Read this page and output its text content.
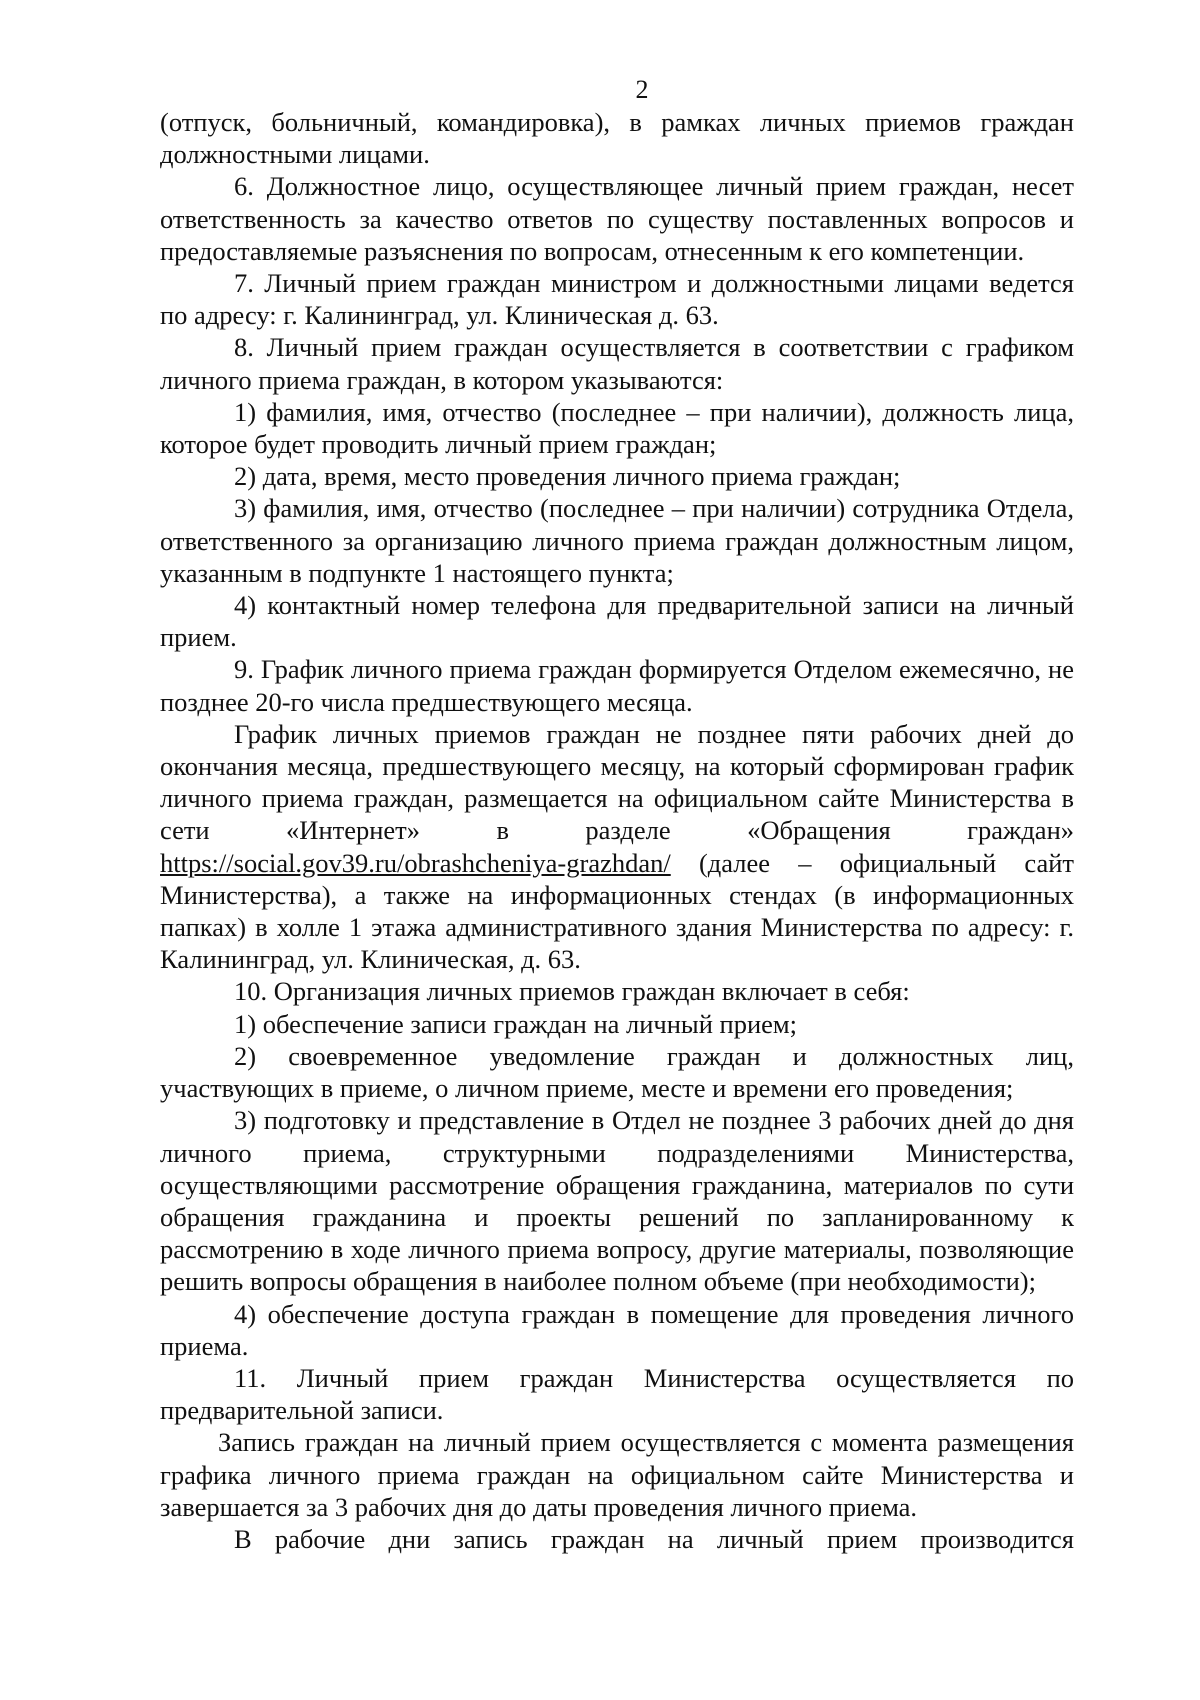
2

(отпуск, больничный, командировка), в рамках личных приемов граждан должностными лицами.

6. Должностное лицо, осуществляющее личный прием граждан, несет ответственность за качество ответов по существу поставленных вопросов и предоставляемые разъяснения по вопросам, отнесенным к его компетенции.

7. Личный прием граждан министром и должностными лицами ведется по адресу: г. Калининград, ул. Клиническая д. 63.

8. Личный прием граждан осуществляется в соответствии с графиком личного приема граждан, в котором указываются:

1) фамилия, имя, отчество (последнее – при наличии), должность лица, которое будет проводить личный прием граждан;

2) дата, время, место проведения личного приема граждан;

3) фамилия, имя, отчество (последнее – при наличии) сотрудника Отдела, ответственного за организацию личного приема граждан должностным лицом, указанным в подпункте 1 настоящего пункта;

4) контактный номер телефона для предварительной записи на личный прием.

9. График личного приема граждан формируется Отделом ежемесячно, не позднее 20-го числа предшествующего месяца.

График личных приемов граждан не позднее пяти рабочих дней до окончания месяца, предшествующего месяцу, на который сформирован график личного приема граждан, размещается на официальном сайте Министерства в сети «Интернет» в разделе «Обращения граждан» https://social.gov39.ru/obrashcheniya-grazhdan/ (далее – официальный сайт Министерства), а также на информационных стендах (в информационных папках) в холле 1 этажа административного здания Министерства по адресу: г. Калининград, ул. Клиническая, д. 63.

10. Организация личных приемов граждан включает в себя:

1) обеспечение записи граждан на личный прием;

2) своевременное уведомление граждан и должностных лиц, участвующих в приеме, о личном приеме, месте и времени его проведения;

3) подготовку и представление в Отдел не позднее 3 рабочих дней до дня личного приема, структурными подразделениями Министерства, осуществляющими рассмотрение обращения гражданина, материалов по сути обращения гражданина и проекты решений по запланированному к рассмотрению в ходе личного приема вопросу, другие материалы, позволяющие решить вопросы обращения в наиболее полном объеме (при необходимости);

4) обеспечение доступа граждан в помещение для проведения личного приема.

11. Личный прием граждан Министерства осуществляется по предварительной записи.

Запись граждан на личный прием осуществляется с момента размещения графика личного приема граждан на официальном сайте Министерства и завершается за 3 рабочих дня до даты проведения личного приема.

В рабочие дни запись граждан на личный прием производится
